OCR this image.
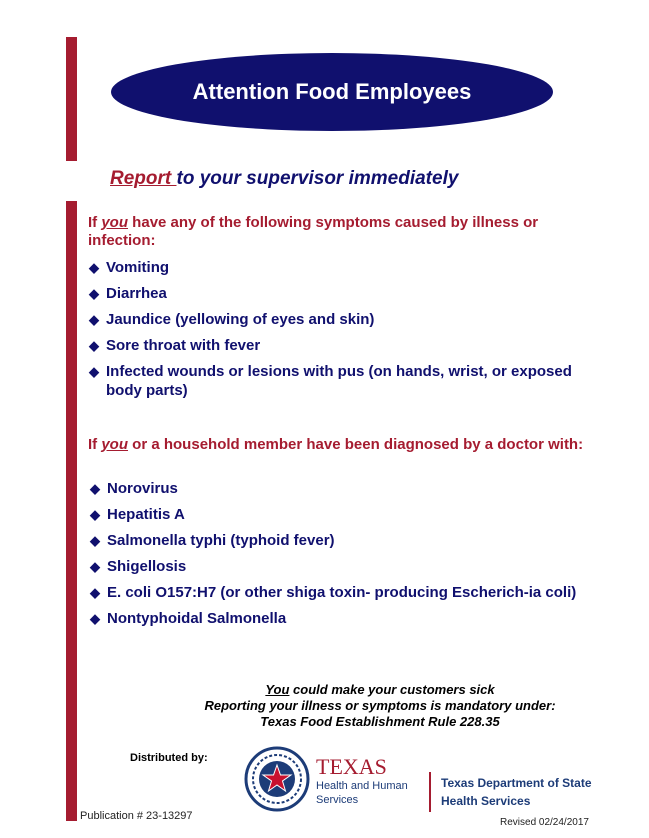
Attention Food Employees
Report to your supervisor immediately
If you have any of the following symptoms caused by illness or infection:
◆ Vomiting
◆ Diarrhea
◆ Jaundice (yellowing of eyes and skin)
◆ Sore throat with fever
◆ Infected wounds or lesions with pus (on hands, wrist, or exposed body parts)
If you or a household member have been diagnosed by a doctor with:
◆ Norovirus
◆ Hepatitis A
◆ Salmonella typhi (typhoid fever)
◆ Shigellosis
◆ E. coli O157:H7 (or other shiga toxin- producing Escherich-ia coli)
◆ Nontyphoidal Salmonella
You could make your customers sick
Reporting your illness or symptoms is mandatory under:
Texas Food Establishment Rule 228.35
Distributed by:	TEXAS
Health and Human
Services
Texas Department of State
Health Services
Publication # 23-13297
Revised 02/24/2017
